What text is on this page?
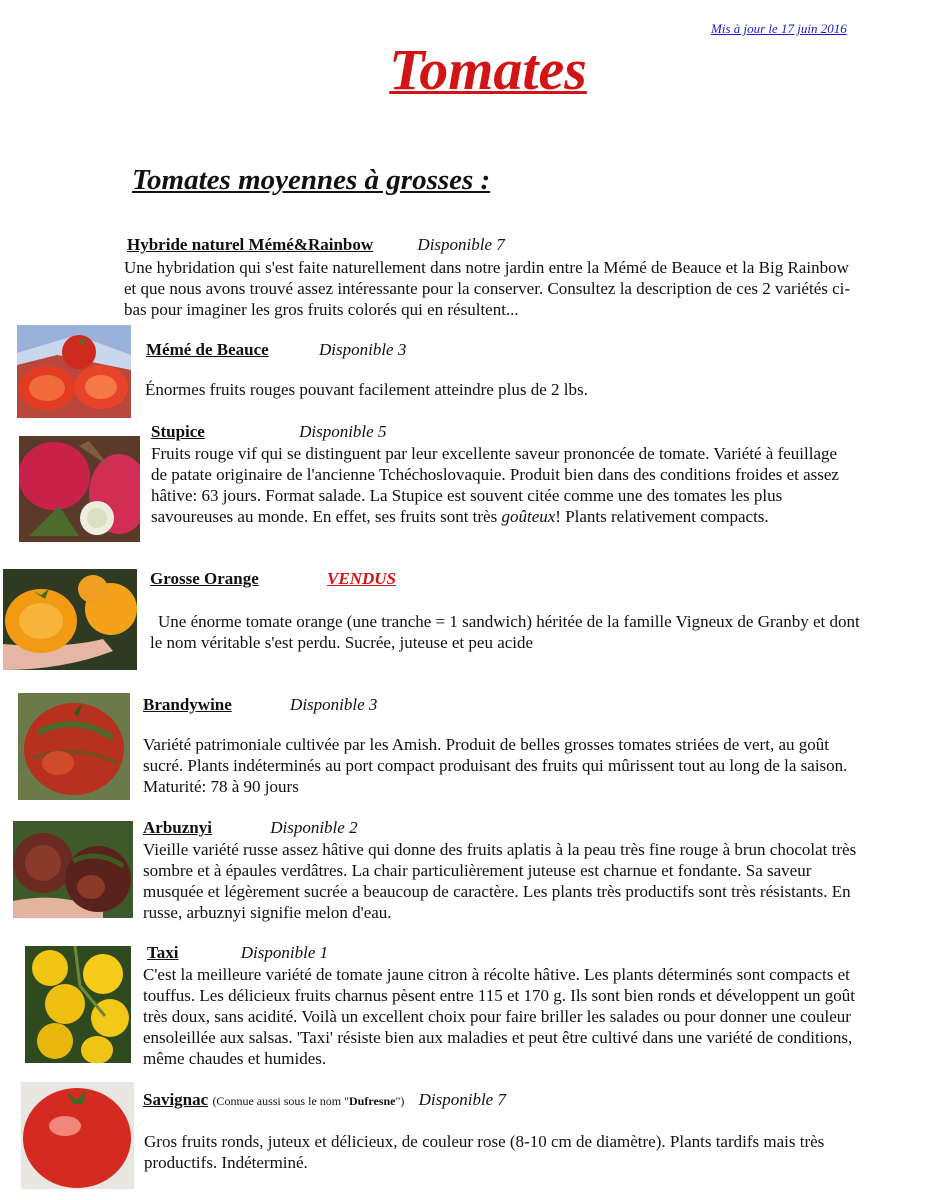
Mis à jour le 17 juin 2016
Tomates
Tomates moyennes à grosses :
Hybride naturel Mémé&Rainbow	Disponible 7
Une hybridation qui s'est faite naturellement dans notre jardin entre la Mémé de Beauce et la Big Rainbow et que nous avons trouvé assez intéressante pour la conserver. Consultez la description de ces 2 variétés ci-bas pour imaginer les gros fruits colorés qui en résultent...
Mémé de Beauce	Disponible 3
Énormes fruits rouges pouvant facilement atteindre plus de 2 lbs.
Stupice	Disponible 5
Fruits rouge vif qui se distinguent par leur excellente saveur prononcée de tomate. Variété à feuillage de patate originaire de l'ancienne Tchéchoslovaquie. Produit bien dans des conditions froides et assez hâtive: 63 jours. Format salade. La Stupice est souvent citée comme une des tomates les plus savoureuses au monde. En effet, ses fruits sont très goûteux! Plants relativement compacts.
Grosse Orange	VENDUS
Une énorme tomate orange (une tranche = 1 sandwich) héritée de la famille Vigneux de Granby et dont le nom véritable s'est perdu. Sucrée, juteuse et peu acide
Brandywine	Disponible 3
Variété patrimoniale cultivée par les Amish. Produit de belles grosses tomates striées de vert, au goût sucré. Plants indéterminés au port compact produisant des fruits qui mûrissent tout au long de la saison. Maturité: 78 à 90 jours
Arbuznyi	Disponible 2
Vieille variété russe assez hâtive qui donne des fruits aplatis à la peau très fine rouge à brun chocolat très sombre et à épaules verdâtres. La chair particulièrement juteuse est charnue et fondante. Sa saveur musquée et légèrement sucrée a beaucoup de caractère. Les plants très productifs sont très résistants. En russe, arbuznyi signifie melon d'eau.
Taxi	Disponible 1
C'est la meilleure variété de tomate jaune citron à récolte hâtive. Les plants déterminés sont compacts et touffus. Les délicieux fruits charnus pèsent entre 115 et 170 g. Ils sont bien ronds et développent un goût très doux, sans acidité. Voilà un excellent choix pour faire briller les salades ou pour donner une couleur ensoleillée aux salsas. 'Taxi' résiste bien aux maladies et peut être cultivé dans une variété de conditions, même chaudes et humides.
Savignac (Connue aussi sous le nom "Dufresne") Disponible 7
Gros fruits ronds, juteux et délicieux, de couleur rose (8-10 cm de diamètre). Plants tardifs mais très productifs. Indéterminé.
